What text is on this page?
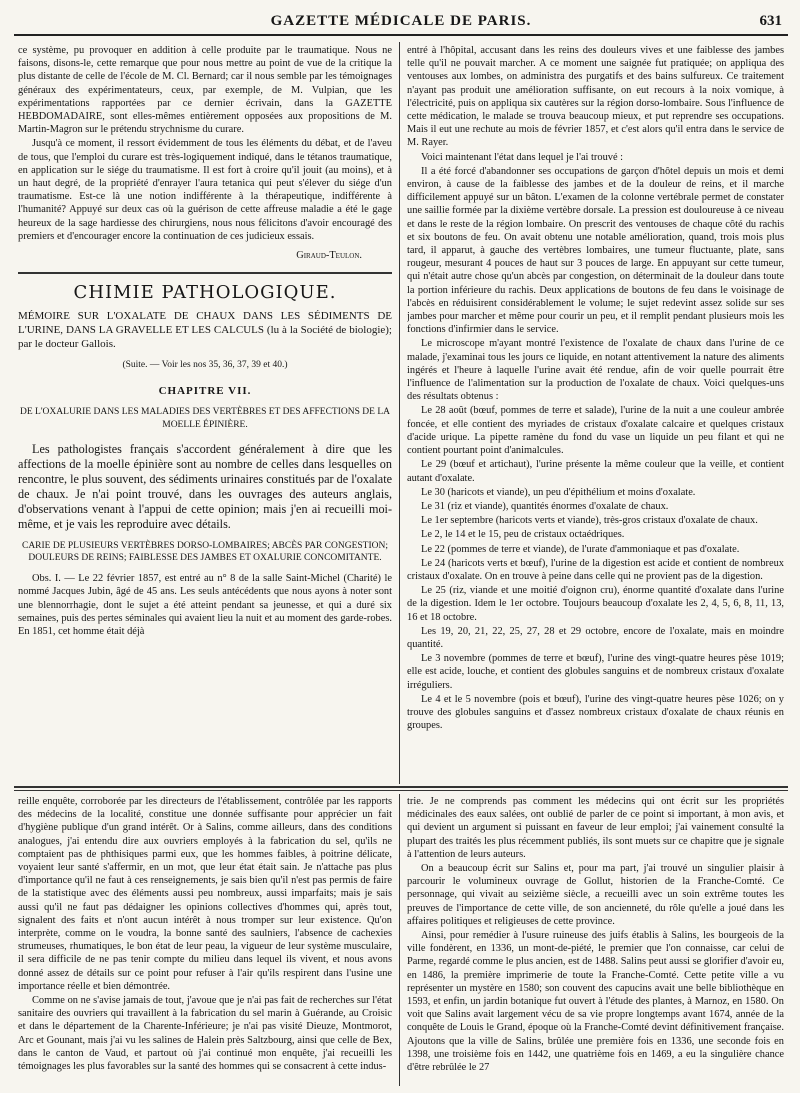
GAZETTE MÉDICALE DE PARIS.	631

ce système, pu provoquer en addition à celle produite par le traumatique. Nous ne faisons, disons-le, cette remarque que pour nous mettre au point de vue de la critique la plus distante de celle de l'école de M. Cl. Bernard; car il nous semble par les témoignages généraux des expérimentateurs, ceux, par exemple, de M. Vulpian, que les expérimentations rapportées par ce dernier écrivain, dans la GAZETTE HEBDOMADAIRE, sont elles-mêmes entièrement opposées aux propositions de M. Martin-Magron sur le prétendu strychnisme du curare.

Jusqu'à ce moment, il ressort évidemment de tous les éléments du débat, et de l'aveu de tous, que l'emploi du curare est très-logiquement indiqué, dans le tétanos traumatique, en application sur le siége du traumatisme. Il est fort à croire qu'il jouit (au moins), et à un haut degré, de la propriété d'enrayer l'aura tetanica qui peut s'élever du siége d'un traumatisme. Est-ce là une notion indifférente à la thérapeutique, indifférente à l'humanité? Appuyé sur deux cas où la guérison de cette affreuse maladie a été le gage heureux de la sage hardiesse des chirurgiens, nous nous félicitons d'avoir encouragé des premiers et d'encourager encore la continuation de ces judicieux essais.

Giraud-Teulon.
CHIMIE PATHOLOGIQUE.
MÉMOIRE SUR L'OXALATE DE CHAUX DANS LES SÉDIMENTS DE L'URINE, DANS LA GRAVELLE ET LES CALCULS (lu à la Société de biologie); par le docteur Gallois.
(Suite. — Voir les nos 35, 36, 37, 39 et 40.)
CHAPITRE VII.
DE L'OXALURIE DANS LES MALADIES DES VERTÈBRES ET DES AFFECTIONS DE LA MOELLE ÉPINIÈRE.

Les pathologistes français s'accordent généralement à dire que les affections de la moelle épinière sont au nombre de celles dans lesquelles on rencontre, le plus souvent, des sédiments urinaires constitués par de l'oxalate de chaux. Je n'ai point trouvé, dans les ouvrages des auteurs anglais, d'observations venant à l'appui de cette opinion; mais j'en ai recueilli moi-même, et je vais les reproduire avec détails.

CARIE DE PLUSIEURS VERTÈBRES DORSO-LOMBAIRES; ABCÈS PAR CONGESTION; DOULEURS DE REINS; FAIBLESSE DES JAMBES ET OXALURIE CONCOMITANTE.

Obs. I. — Le 22 février 1857, est entré au n° 8 de la salle Saint-Michel (Charité) le nommé Jacques Jubin, âgé de 45 ans. Les seuls antécédents que nous ayons à noter sont une blennorrhagie, dont le sujet a été atteint pendant sa jeunesse, et qui a duré six semaines, puis des pertes séminales qui avaient lieu la nuit et au moment des garde-robes. En 1851, cet homme était déjà

entré à l'hôpital, accusant dans les reins des douleurs vives et une faiblesse des jambes telle qu'il ne pouvait marcher. A ce moment une saignée fut pratiquée; on appliqua des ventouses aux lombes, on administra des purgatifs et des bains sulfureux. Ce traitement n'ayant pas produit une amélioration suffisante, on eut recours à la noix vomique, à l'électricité, puis on appliqua six cautères sur la région dorso-lombaire. Sous l'influence de cette médication, le malade se trouva beaucoup mieux, et put reprendre ses occupations. Mais il eut une rechute au mois de février 1857, et c'est alors qu'il entra dans le service de M. Rayer.

Voici maintenant l'état dans lequel je l'ai trouvé :

Il a été forcé d'abandonner ses occupations de garçon d'hôtel depuis un mois et demi environ, à cause de la faiblesse des jambes et de la douleur de reins, et il marche difficilement appuyé sur un bâton. L'examen de la colonne vertébrale permet de constater une saillie formée par la dixième vertèbre dorsale. La pression est douloureuse à ce niveau et dans le reste de la région lombaire. On prescrit des ventouses de chaque côté du rachis et six boutons de feu. On avait obtenu une notable amélioration, quand, trois mois plus tard, il apparut, à gauche des vertèbres lombaires, une tumeur fluctuante, plate, sans rougeur, mesurant 4 pouces de haut sur 3 pouces de large. En appuyant sur cette tumeur, qui n'était autre chose qu'un abcès par congestion, on déterminait de la douleur dans toute la portion inférieure du rachis. Deux applications de boutons de feu dans le voisinage de l'abcès en réduisirent considérablement le volume; le sujet redevint assez solide sur ses jambes pour marcher et même pour courir un peu, et il remplit pendant plusieurs mois les fonctions d'infirmier dans le service.

Le microscope m'ayant montré l'existence de l'oxalate de chaux dans l'urine de ce malade, j'examinai tous les jours ce liquide, en notant attentivement la nature des aliments ingérés et l'heure à laquelle l'urine avait été rendue, afin de voir quelle pourrait être l'influence de l'alimentation sur la production de l'oxalate de chaux. Voici quelques-uns des résultats obtenus :

Le 28 août (bœuf, pommes de terre et salade), l'urine de la nuit a une couleur ambrée foncée, et elle contient des myriades de cristaux d'oxalate calcaire et quelques cristaux d'acide urique. La pipette ramène du fond du vase un liquide un peu filant et qui ne contient pourtant point d'animalcules.

Le 29 (bœuf et artichaut), l'urine présente la même couleur que la veille, et contient autant d'oxalate.

Le 30 (haricots et viande), un peu d'épithélium et moins d'oxalate.

Le 31 (riz et viande), quantités énormes d'oxalate de chaux.

Le 1er septembre (haricots verts et viande), très-gros cristaux d'oxalate de chaux.

Le 2, le 14 et le 15, peu de cristaux octaédriques.

Le 22 (pommes de terre et viande), de l'urate d'ammoniaque et pas d'oxalate.

Le 24 (haricots verts et bœuf), l'urine de la digestion est acide et contient de nombreux cristaux d'oxalate. On en trouve à peine dans celle qui ne provient pas de la digestion.

Le 25 (riz, viande et une moitié d'oignon cru), énorme quantité d'oxalate dans l'urine de la digestion. Idem le 1er octobre. Toujours beaucoup d'oxalate les 2, 4, 5, 6, 8, 11, 13, 16 et 18 octobre.

Les 19, 20, 21, 22, 25, 27, 28 et 29 octobre, encore de l'oxalate, mais en moindre quantité.

Le 3 novembre (pommes de terre et bœuf), l'urine des vingt-quatre heures pèse 1019; elle est acide, louche, et contient des globules sanguins et de nombreux cristaux d'oxalate irréguliers.

Le 4 et le 5 novembre (pois et bœuf), l'urine des vingt-quatre heures pèse 1026; on y trouve des globules sanguins et d'assez nombreux cristaux d'oxalate de chaux réunis en groupes.

reille enquête, corroborée par les directeurs de l'établissement, contrôlée par les rapports des médecins de la localité, constitue une donnée suffisante pour apprécier un fait d'hygiène publique d'un grand intérêt. Or à Salins, comme ailleurs, dans des conditions analogues, j'ai entendu dire aux ouvriers employés à la fabrication du sel, qu'ils ne comptaient pas de phthisiques parmi eux, que les hommes faibles, à poitrine délicate, voyaient leur santé s'affermir, en un mot, que leur état était sain. Je n'attache pas plus d'importance qu'il ne faut à ces renseignements, je sais bien qu'il n'est pas permis de faire de la statistique avec des éléments aussi peu nombreux, aussi imparfaits; mais je sais aussi qu'il ne faut pas dédaigner les opinions collectives d'hommes qui, après tout, signalent des faits et n'ont aucun intérêt à nous tromper sur leur existence. Qu'on interprète, comme on le voudra, la bonne santé des saulniers, l'absence de cachexies strumeuses, rhumatiques, le bon état de leur peau, la vigueur de leur système musculaire, il sera difficile de ne pas tenir compte du milieu dans lequel ils vivent, et nous avons donné assez de détails sur ce point pour refuser à l'air qu'ils respirent dans l'usine une importance réelle et bien démontrée.

Comme on ne s'avise jamais de tout, j'avoue que je n'ai pas fait de recherches sur l'état sanitaire des ouvriers qui travaillent à la fabrication du sel marin à Guérande, au Croisic et dans le département de la Charente-Inférieure; je n'ai pas visité Dieuze, Montmorot, Arc et Gounant, mais j'ai vu les salines de Halein près Saltzbourg, ainsi que celle de Bex, dans le canton de Vaud, et partout où j'ai continué mon enquête, j'ai recueilli les témoignages les plus favorables sur la santé des hommes qui se consacrent à cette indus-

trie. Je ne comprends pas comment les médecins qui ont écrit sur les propriétés médicinales des eaux salées, ont oublié de parler de ce point si important, à mon avis, et qui devient un argument si puissant en faveur de leur emploi; j'ai vainement consulté la plupart des traités les plus récemment publiés, ils sont muets sur ce chapitre que je signale à l'attention de leurs auteurs.

On a beaucoup écrit sur Salins et, pour ma part, j'ai trouvé un singulier plaisir à parcourir le volumineux ouvrage de Gollut, historien de la Franche-Comté. Ce personnage, qui vivait au seizième siècle, a recueilli avec un soin extrême toutes les preuves de l'importance de cette ville, de son ancienneté, du rôle qu'elle a joué dans les affaires politiques et religieuses de cette province.

Ainsi, pour remédier à l'usure ruineuse des juifs établis à Salins, les bourgeois de la ville fondèrent, en 1336, un mont-de-piété, le premier que l'on connaisse, car celui de Parme, regardé comme le plus ancien, est de 1488. Salins peut aussi se glorifier d'avoir eu, en 1486, la première imprimerie de toute la Franche-Comté. Cette petite ville a vu représenter un mystère en 1580; son couvent des capucins avait une belle bibliothèque en 1593, et enfin, un jardin botanique fut ouvert à l'étude des plantes, à Marnoz, en 1580. On voit que Salins avait largement vécu de sa vie propre longtemps avant 1674, année de la conquête de Louis le Grand, époque où la Franche-Comté devint définitivement française. Ajoutons que la ville de Salins, brûlée une première fois en 1336, une seconde fois en 1398, une troisième fois en 1442, une quatrième fois en 1469, a eu la singulière chance d'être rebrûlée le 27
